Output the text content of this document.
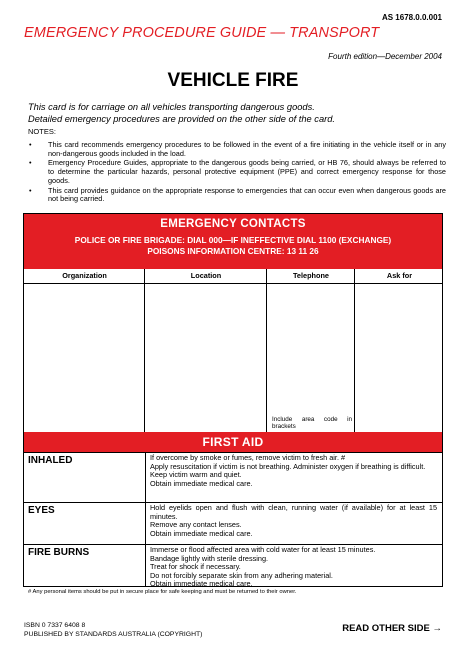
AS 1678.0.0.001
EMERGENCY PROCEDURE GUIDE — TRANSPORT
Fourth edition—December 2004
VEHICLE FIRE
This card is for carriage on all vehicles transporting dangerous goods.
Detailed emergency procedures are provided on the other side of the card.
NOTES:
• This card recommends emergency procedures to be followed in the event of a fire initiating in the vehicle itself or in any non-dangerous goods included in the load.
• Emergency Procedure Guides, appropriate to the dangerous goods being carried, or HB 76, should always be referred to to determine the particular hazards, personal protective equipment (PPE) and correct emergency response for those goods.
• This card provides guidance on the appropriate response to emergencies that can occur even when dangerous goods are not being carried.
EMERGENCY CONTACTS
POLICE OR FIRE BRIGADE: DIAL 000—IF INEFFECTIVE DIAL 1100 (EXCHANGE)
POISONS INFORMATION CENTRE: 13 11 26
Organization	Location	Telephone	Ask for
Include area code in brackets
FIRST AID
INHALED	If overcome by smoke or fumes, remove victim to fresh air. #
Apply resuscitation if victim is not breathing. Administer oxygen if breathing is difficult.
Keep victim warm and quiet.
Obtain immediate medical care.
EYES	Hold eyelids open and flush with clean, running water (if available) for at least 15 minutes.
Remove any contact lenses.
Obtain immediate medical care.
FIRE BURNS	Immerse or flood affected area with cold water for at least 15 minutes.
Bandage lightly with sterile dressing.
Treat for shock if necessary.
Do not forcibly separate skin from any adhering material.
Obtain immediate medical care.
# Any personal items should be put in secure place for safe keeping and must be returned to their owner.
ISBN 0 7337 6408 8
PUBLISHED BY STANDARDS AUSTRALIA (COPYRIGHT)	READ OTHER SIDE →
